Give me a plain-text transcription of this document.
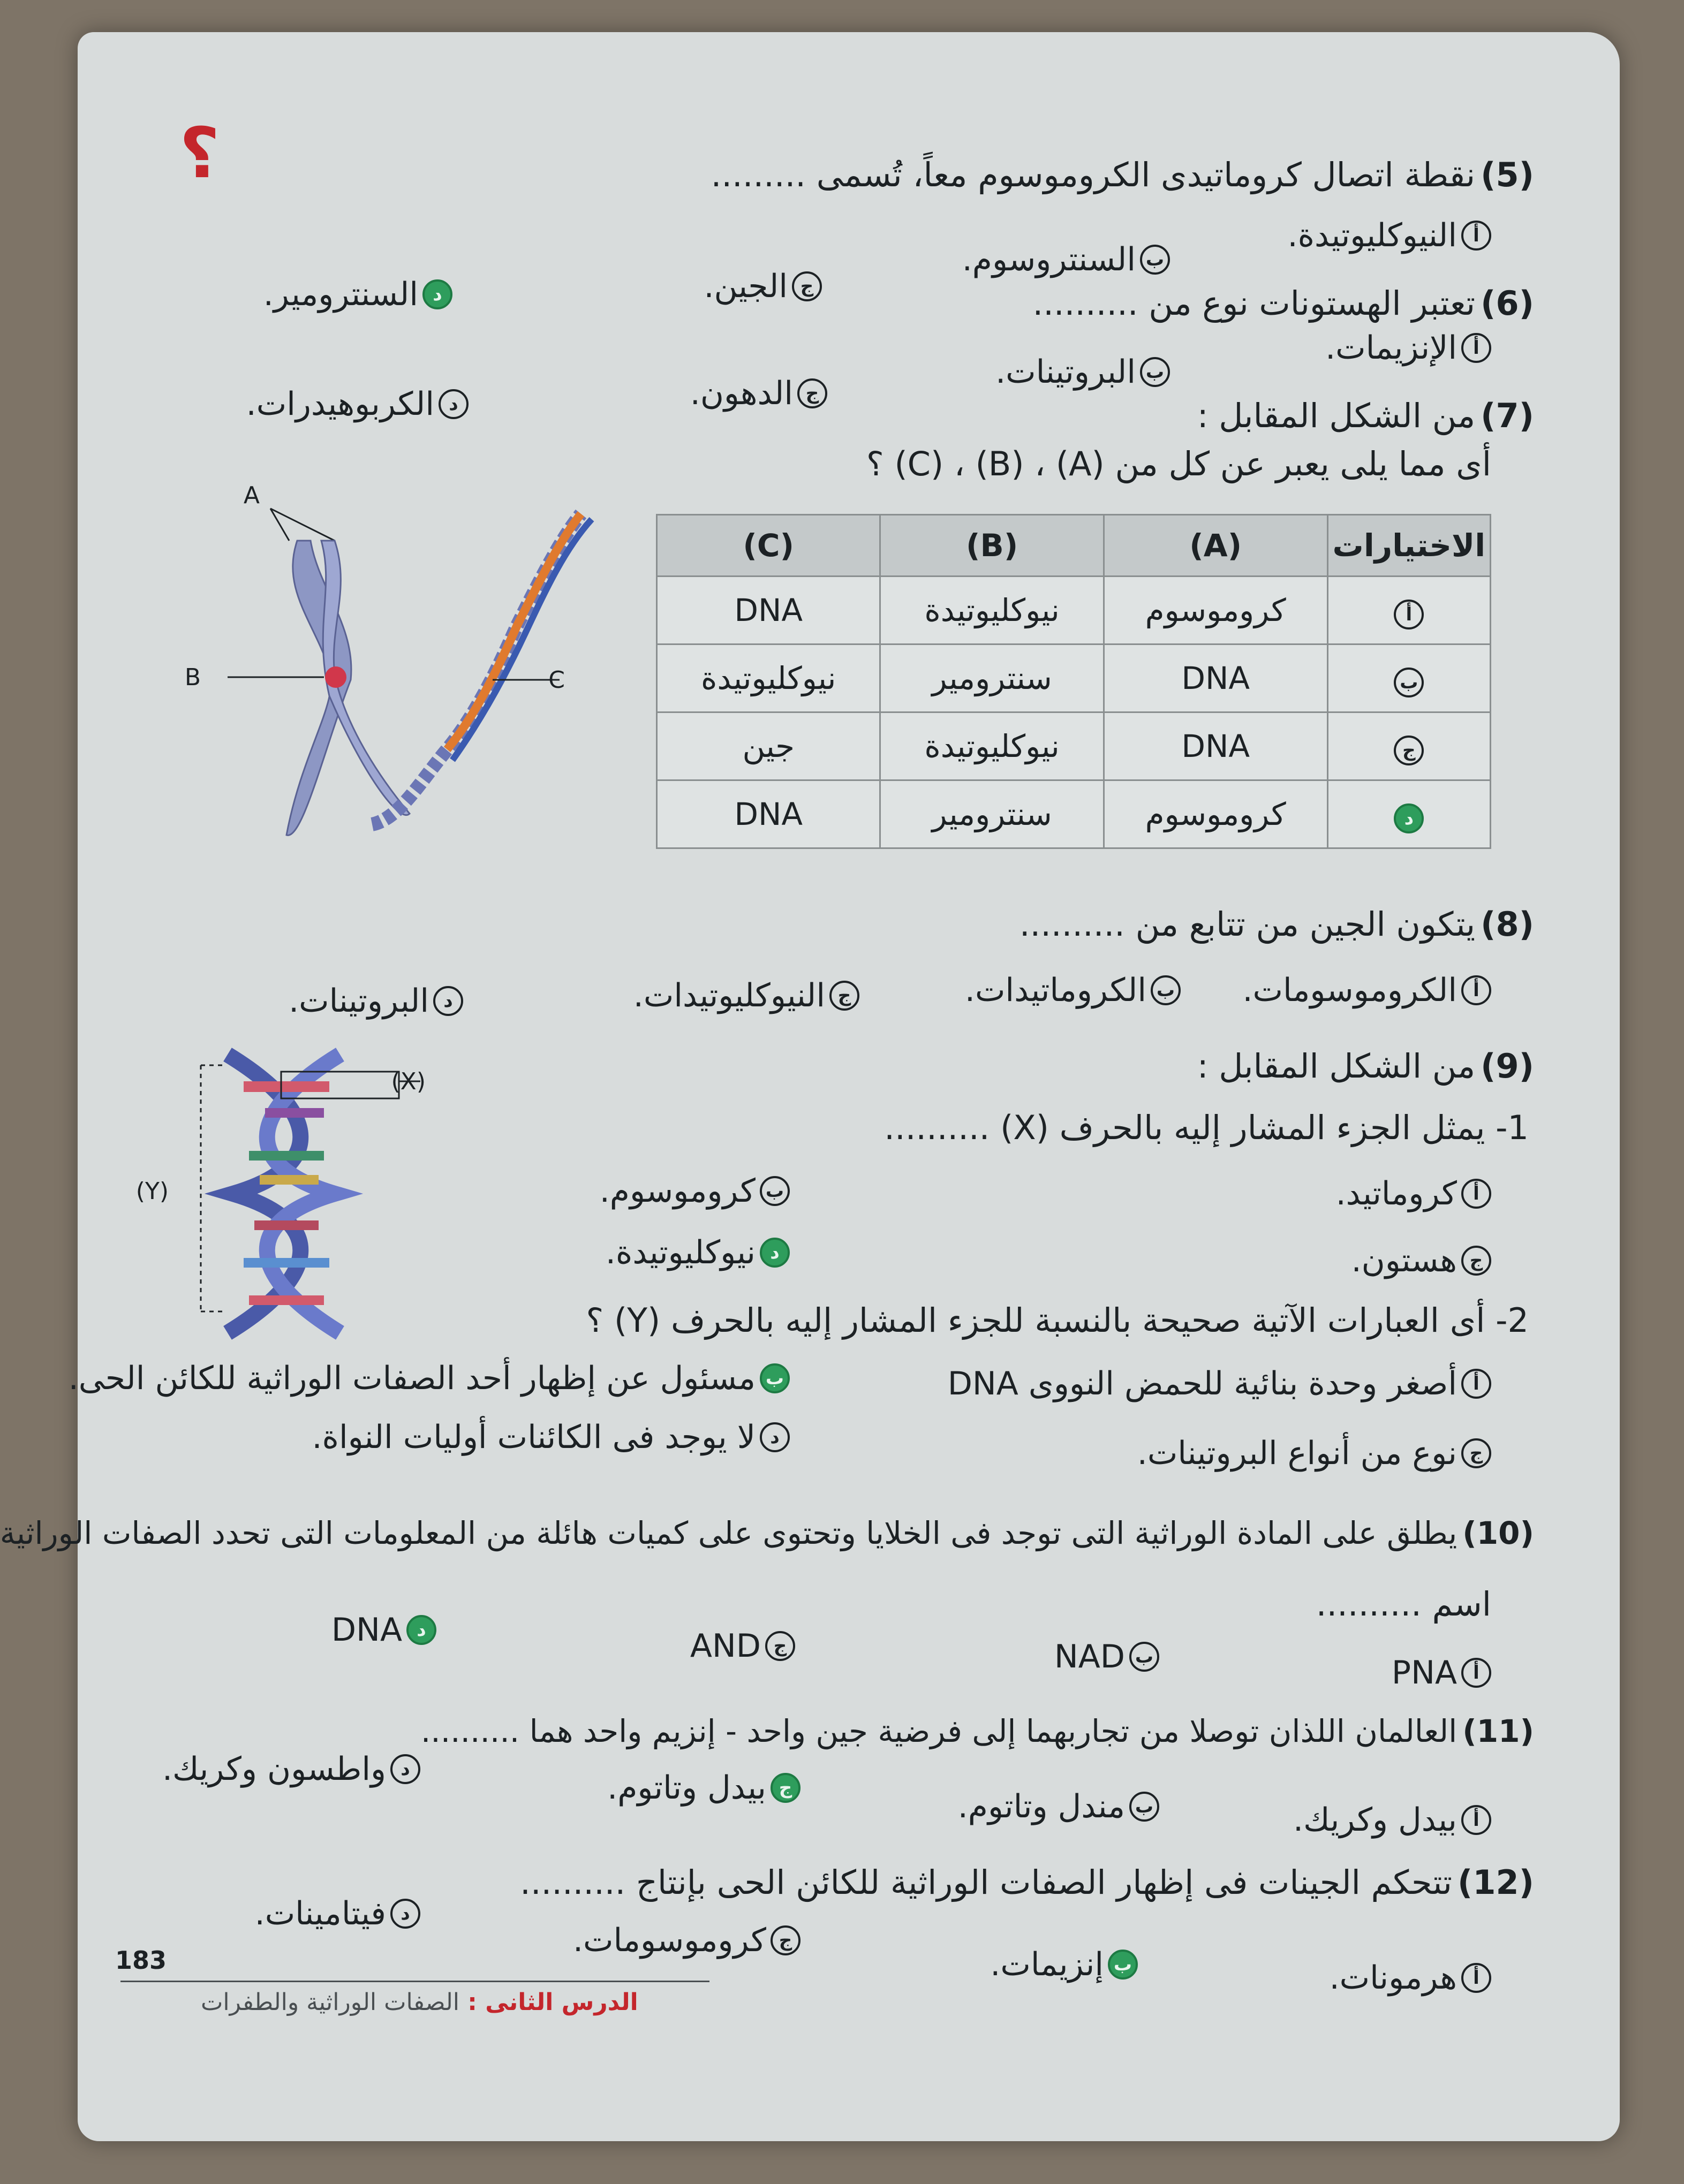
؟	(5)نقطة اتصال كروماتيدى الكروموسوم معاً، تُسمى .........
أ
النيوكليوتيدة.
ب
السنتروسوم.
ج
الجين.
د
السنترومير.	(6)تعتبر الهستونات نوع من ..........
أ
الإنزيمات.
ب
البروتينات.
ج
الدهون.
د
الكربوهيدرات.	(7)من الشكل المقابل :
أى مما يلى يعبر عن كل من (A) ، (B) ، (C) ؟
الاختيارات	(A)	(B)	(C)
أ	كروموسوم	نيوكليوتيدة	DNA
ب	DNA	سنترومير	نيوكليوتيدة
ج	DNA	نيوكليوتيدة	جين
د	كروموسوم	سنترومير	DNA
A
B	C
(8)يتكون الجين من تتابع من ..........
أ
الكروموسومات.
ب
الكروماتيدات.
ج
النيوكليوتيدات.
د
البروتينات.
(9)من الشكل المقابل :
1- يمثل الجزء المشار إليه بالحرف (X) ..........
أ
كروماتيد.
ب
كروموسوم.
ج
هستون.
د
نيوكليوتيدة.
2- أى العبارات الآتية صحيحة بالنسبة للجزء المشار إليه بالحرف (Y) ؟
أ
أصغر وحدة بنائية للحمض النووى DNA
ب
مسئول عن إظهار أحد الصفات الوراثية للكائن الحى.
ج
نوع من أنواع البروتينات.
د
لا يوجد فى الكائنات أوليات النواة.
(Y)
(X)
(10)يطلق على المادة الوراثية التى توجد فى الخلايا وتحتوى على كميات هائلة من المعلومات التى تحدد الصفات الوراثية
اسم ..........
أ
PNA
ب
NAD
ج
AND
د
DNA
(11)العالمان اللذان توصلا من تجاربهما إلى فرضية جين واحد - إنزيم واحد هما ..........
أ
بيدل وكريك.
ب
مندل وتاتوم.
ج
بيدل وتاتوم.
د
واطسون وكريك.
(12)تتحكم الجينات فى إظهار الصفات الوراثية للكائن الحى بإنتاج ..........
أ
هرمونات.
ب
إنزيمات.
ج
كروموسومات.
د
فيتامينات.
الدرس الثانى : الصفات الوراثية والطفرات
183
